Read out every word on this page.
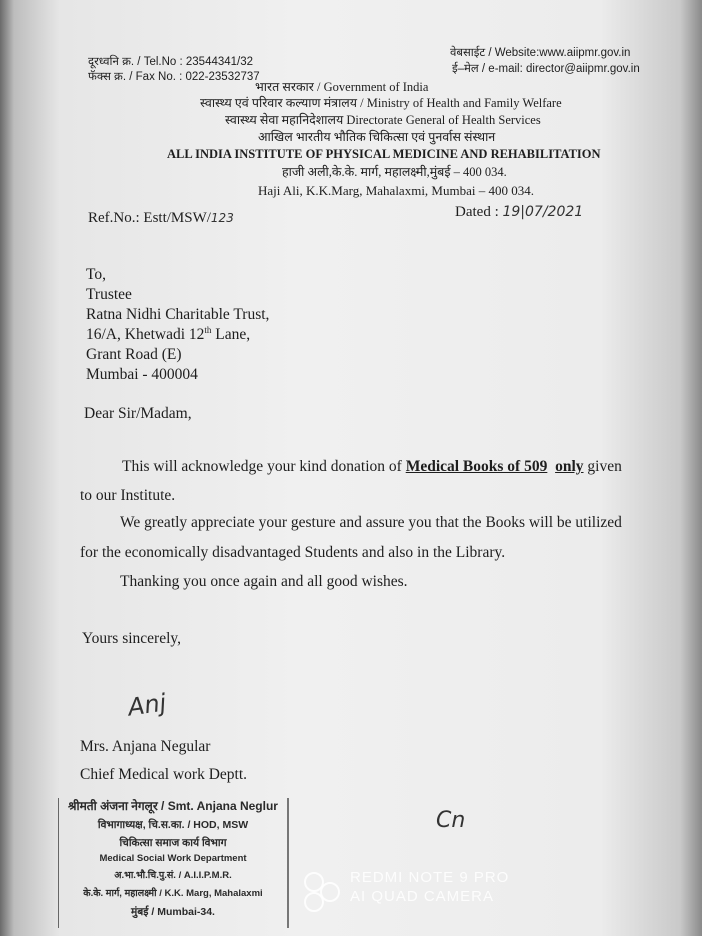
दूरध्वनि क्र. / Tel.No : 23544341/32
फॅक्स क्र. / Fax No. : 022-23532737
वेबसाईट / Website:www.aiipmr.gov.in
ई–मेल / e-mail: director@aiipmr.gov.in
भारत सरकार / Government of India
स्वास्थ्य एवं परिवार कल्याण मंत्रालय / Ministry of Health and Family Welfare
स्वास्थ्य सेवा महानिदेशालय Directorate General of Health Services
आखिल भारतीय भौतिक चिकित्सा एवं पुनर्वास संस्थान
ALL INDIA INSTITUTE OF PHYSICAL MEDICINE AND REHABILITATION
हाजी अली,के.के. मार्ग, महालक्ष्मी,मुंबई – 400 034.
Haji Ali, K.K.Marg, Mahalaxmi, Mumbai – 400 034.
Ref.No.: Estt/MSW/123	Dated : 19|07/2021
To,
Trustee
Ratna Nidhi Charitable Trust,
16/A, Khetwadi 12th Lane,
Grant Road (E)
Mumbai - 400004
Dear Sir/Madam,
This will acknowledge your kind donation of Medical Books of 509 only given
to our Institute.
We greatly appreciate your gesture and assure you that the Books will be utilized
for the economically disadvantaged Students and also in the Library.
Thanking you once again and all good wishes.
Yours sincerely,
Anj
Mrs. Anjana Negular
Chief Medical work Deptt.
श्रीमती अंजना नेगलूर / Smt. Anjana Neglur
विभागाध्यक्ष, चि.स.का. / HOD, MSW
चिकित्सा समाज कार्य विभाग
Medical Social Work Department
अ.भा.भौ.चि.पु.सं. / A.I.I.P.M.R.
के.के. मार्ग, महालक्ष्मी / K.K. Marg, Mahalaxmi
मुंबई / Mumbai-34.
Cn
REDMI NOTE 9 PRO
AI QUAD CAMERA
